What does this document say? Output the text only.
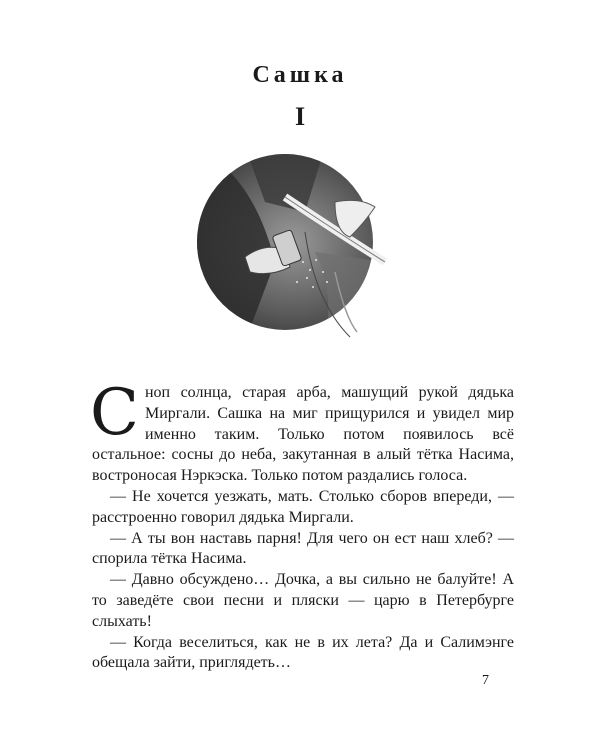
Сашка
I

Сноп солнца, старая арба, машущий рукой дядька Миргали. Сашка на миг прищурился и увидел мир именно таким. Только потом появилось всё остальное: сосны до неба, закутанная в алый тётка Насима, востроносая Нэркэска. Только потом раздались голоса.

— Не хочется уезжать, мать. Столько сборов впереди, — расстроенно говорил дядька Миргали.

— А ты вон наставь парня! Для чего он ест наш хлеб? — спорила тётка Насима.

— Давно обсуждено… Дочка, а вы сильно не балуйте! А то заведёте свои песни и пляски — царю в Петербурге слыхать!

— Когда веселиться, как не в их лета? Да и Салимэнге обещала зайти, приглядеть…

7
